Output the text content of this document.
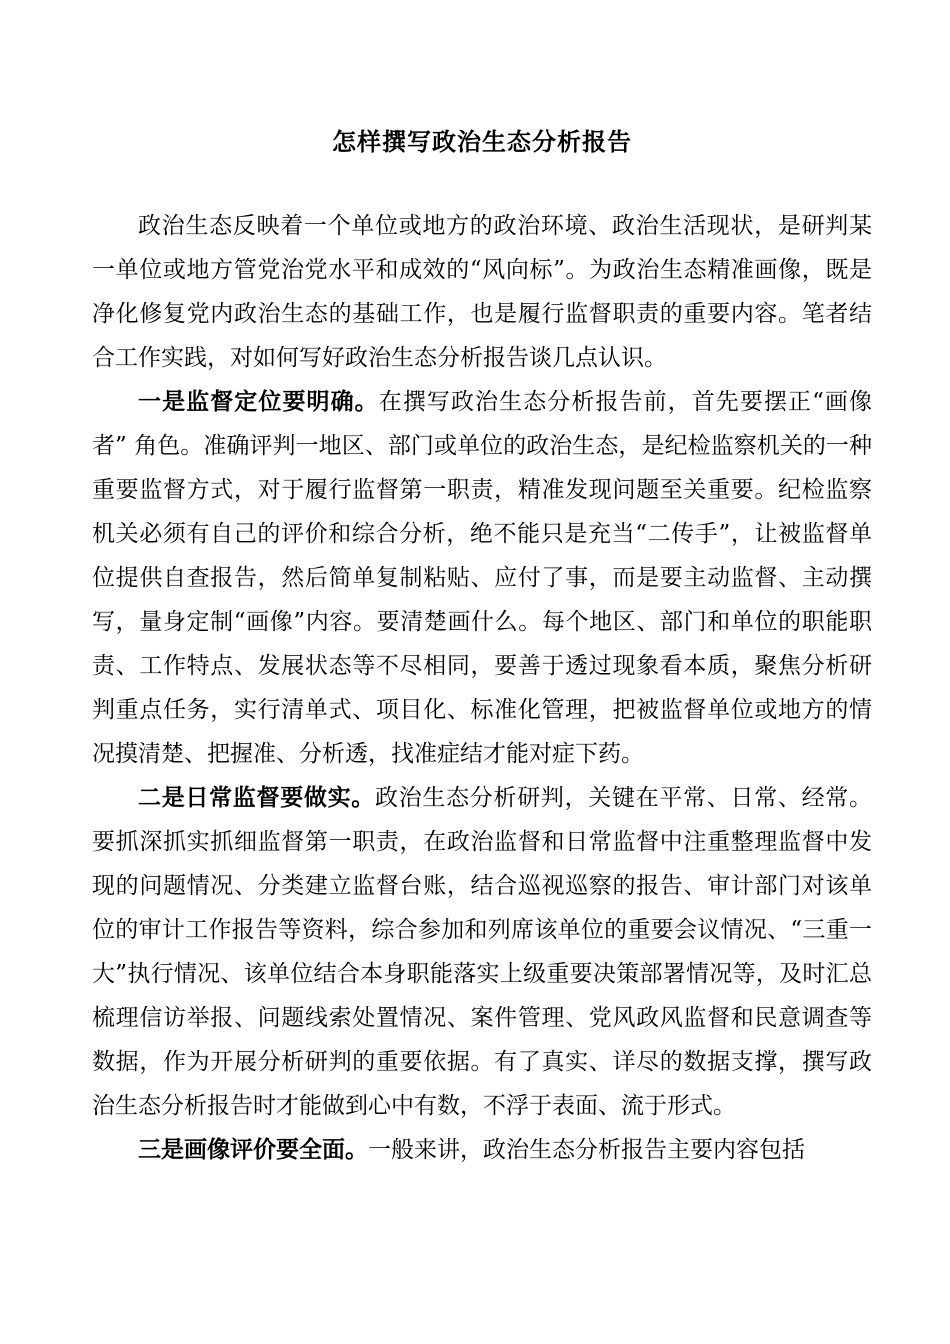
怎样撰写政治生态分析报告

政治生态反映着一个单位或地方的政治环境、政治生活现状，是研判某一单位或地方管党治党水平和成效的“风向标”。为政治生态精准画像，既是净化修复党内政治生态的基础工作，也是履行监督职责的重要内容。笔者结合工作实践，对如何写好政治生态分析报告谈几点认识。

一是监督定位要明确。在撰写政治生态分析报告前，首先要摆正“画像者” 角色。准确评判一地区、部门或单位的政治生态，是纪检监察机关的一种重要监督方式，对于履行监督第一职责，精准发现问题至关重要。纪检监察机关必须有自己的评价和综合分析，绝不能只是充当“二传手”，让被监督单位提供自查报告，然后简单复制粘贴、应付了事，而是要主动监督、主动撰写，量身定制“画像”内容。要清楚画什么。每个地区、部门和单位的职能职责、工作特点、发展状态等不尽相同，要善于透过现象看本质，聚焦分析研判重点任务，实行清单式、项目化、标准化管理，把被监督单位或地方的情况摸清楚、把握准、分析透，找准症结才能对症下药。

二是日常监督要做实。政治生态分析研判，关键在平常、日常、经常。要抓深抓实抓细监督第一职责，在政治监督和日常监督中注重整理监督中发现的问题情况、分类建立监督台账，结合巡视巡察的报告、审计部门对该单位的审计工作报告等资料，综合参加和列席该单位的重要会议情况、“三重一大”执行情况、该单位结合本身职能落实上级重要决策部署情况等，及时汇总梳理信访举报、问题线索处置情况、案件管理、党风政风监督和民意调查等数据，作为开展分析研判的重要依据。有了真实、详尽的数据支撑，撰写政治生态分析报告时才能做到心中有数，不浮于表面、流于形式。

三是画像评价要全面。一般来讲，政治生态分析报告主要内容包括
